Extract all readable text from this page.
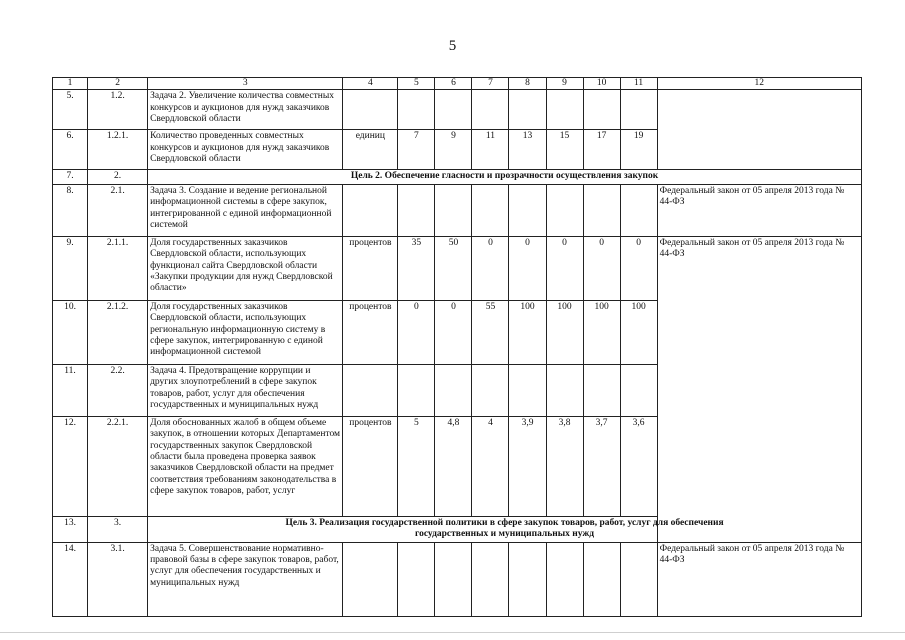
5
1	2	3	4	5	6	7	8	9	10	11	12
5.	1.2.	Задача 2. Увеличение количества совместных конкурсов и аукционов для нужд заказчиков Свердловской области									
6.	1.2.1.	Количество проведенных совместных конкурсов и аукционов для нужд заказчиков Свердловской области	единиц	7	9	11	13	15	17	19	
7.	2.	Цель 2. Обеспечение гласности и прозрачности осуществления закупок									
8.	2.1.	Задача 3. Создание и ведение региональной информационной системы в сфере закупок, интегрированной с единой информационной системой									Федеральный закон от 05 апреля 2013 года № 44-ФЗ
9.	2.1.1.	Доля государственных заказчиков Свердловской области, использующих функционал сайта Свердловской области «Закупки продукции для нужд Свердловской области»	процентов	35	50	0	0	0	0	0	Федеральный закон от 05 апреля 2013 года № 44-ФЗ
10.	2.1.2.	Доля государственных заказчиков Свердловской области, использующих региональную информационную систему в сфере закупок, интегрированную с единой информационной системой	процентов	0	0	55	100	100	100	100	
11.	2.2.	Задача 4. Предотвращение коррупции и других злоупотреблений в сфере закупок товаров, работ, услуг для обеспечения государственных и муниципальных нужд									
12.	2.2.1.	Доля обоснованных жалоб в общем объеме закупок, в отношении которых Департаментом государственных закупок Свердловской области была проведена проверка заявок заказчиков Свердловской области на предмет соответствия требованиям законодательства в сфере закупок товаров, работ, услуг	процентов	5	4,8	4	3,9	3,8	3,7	3,6	
13.	3.	Цель 3. Реализация государственной политики в сфере закупок товаров, работ, услуг для обеспечения
государственных и муниципальных нужд									

14.	3.1.	Задача 5. Совершенствование нормативно-правовой базы в сфере закупок товаров, работ, услуг для обеспечения государственных и муниципальных нужд									Федеральный закон от 05 апреля 2013 года № 44-ФЗ
